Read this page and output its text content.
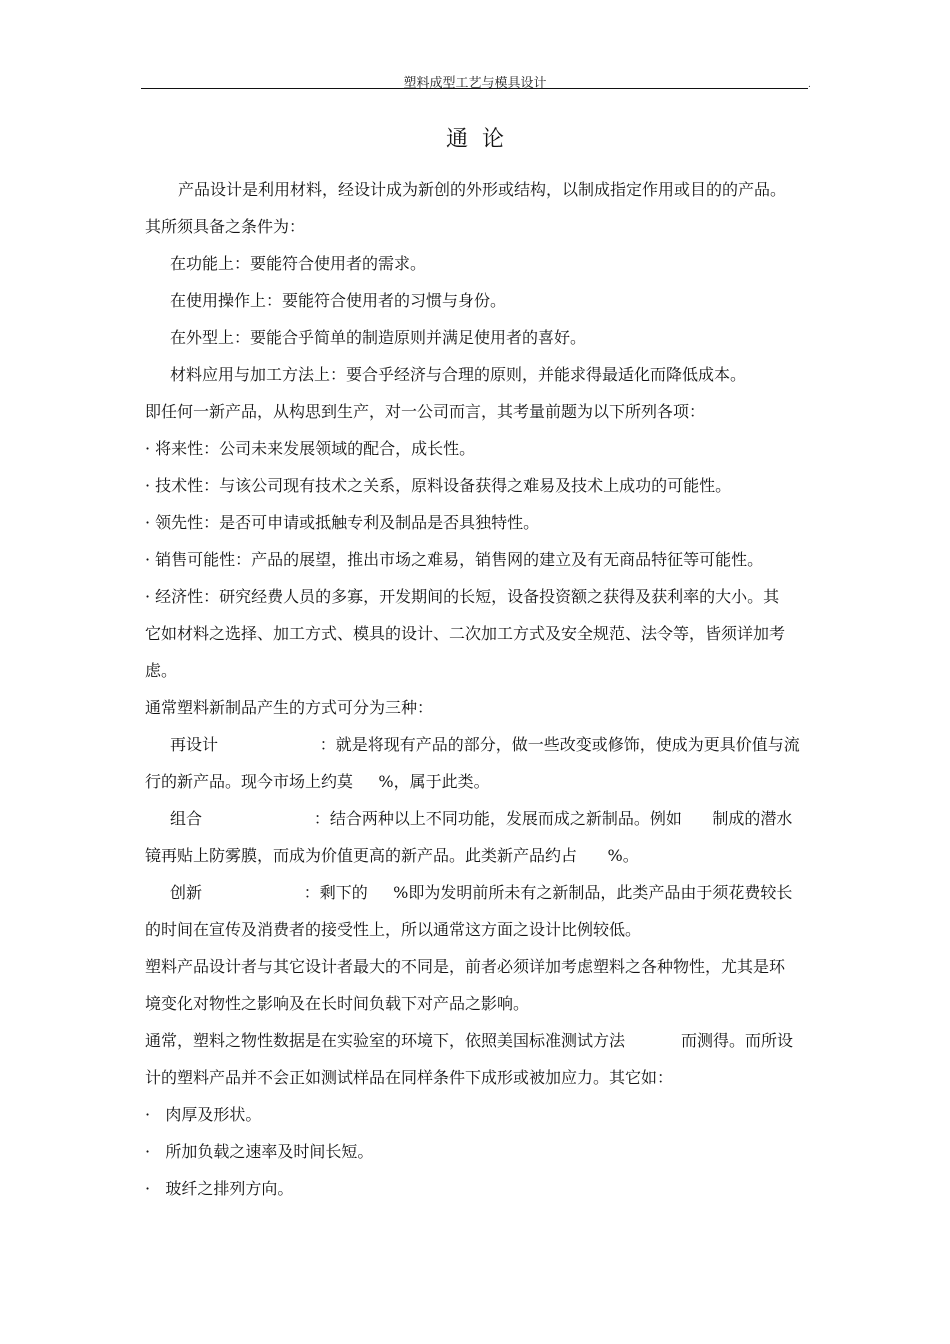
塑料成型工艺与模具设计	.
通论
产品设计是利用材料，经设计成为新创的外形或结构，以制成指定作用或目的的产品。
其所须具备之条件为：
在功能上：要能符合使用者的需求。
在使用操作上：要能符合使用者的习惯与身份。
在外型上：要能合乎简单的制造原则并满足使用者的喜好。
材料应用与加工方法上：要合乎经济与合理的原则，并能求得最适化而降低成本。
即任何一新产品，从构思到生产，对一公司而言，其考量前题为以下所列各项：
· 将来性：公司未来发展领域的配合，成长性。
· 技术性：与该公司现有技术之关系，原料设备获得之难易及技术上成功的可能性。
· 领先性：是否可申请或抵触专利及制品是否具独特性。
· 销售可能性：产品的展望，推出市场之难易，销售网的建立及有无商品特征等可能性。
· 经济性：研究经费人员的多寡，开发期间的长短，设备投资额之获得及获利率的大小。其
它如材料之选择、加工方式、模具的设计、二次加工方式及安全规范、法令等，皆须详加考
虑。
通常塑料新制品产生的方式可分为三种：
再设计                    ：就是将现有产品的部分，做一些改变或修饰，使成为更具价值与流
行的新产品。现今市场上约莫     %，属于此类。
组合                      ：结合两种以上不同功能，发展而成之新制品。例如      制成的潜水
镜再贴上防雾膜，而成为价值更高的新产品。此类新产品约占      %。
创新                    ：剩下的     %即为发明前所未有之新制品，此类产品由于须花费较长
的时间在宣传及消费者的接受性上，所以通常这方面之设计比例较低。
塑料产品设计者与其它设计者最大的不同是，前者必须详加考虑塑料之各种物性，尤其是环
境变化对物性之影响及在长时间负载下对产品之影响。
通常，塑料之物性数据是在实验室的环境下，依照美国标准测试方法           而测得。而所设
计的塑料产品并不会正如测试样品在同样条件下成形或被加应力。其它如：
·   肉厚及形状。
·   所加负载之速率及时间长短。
·   玻纤之排列方向。
